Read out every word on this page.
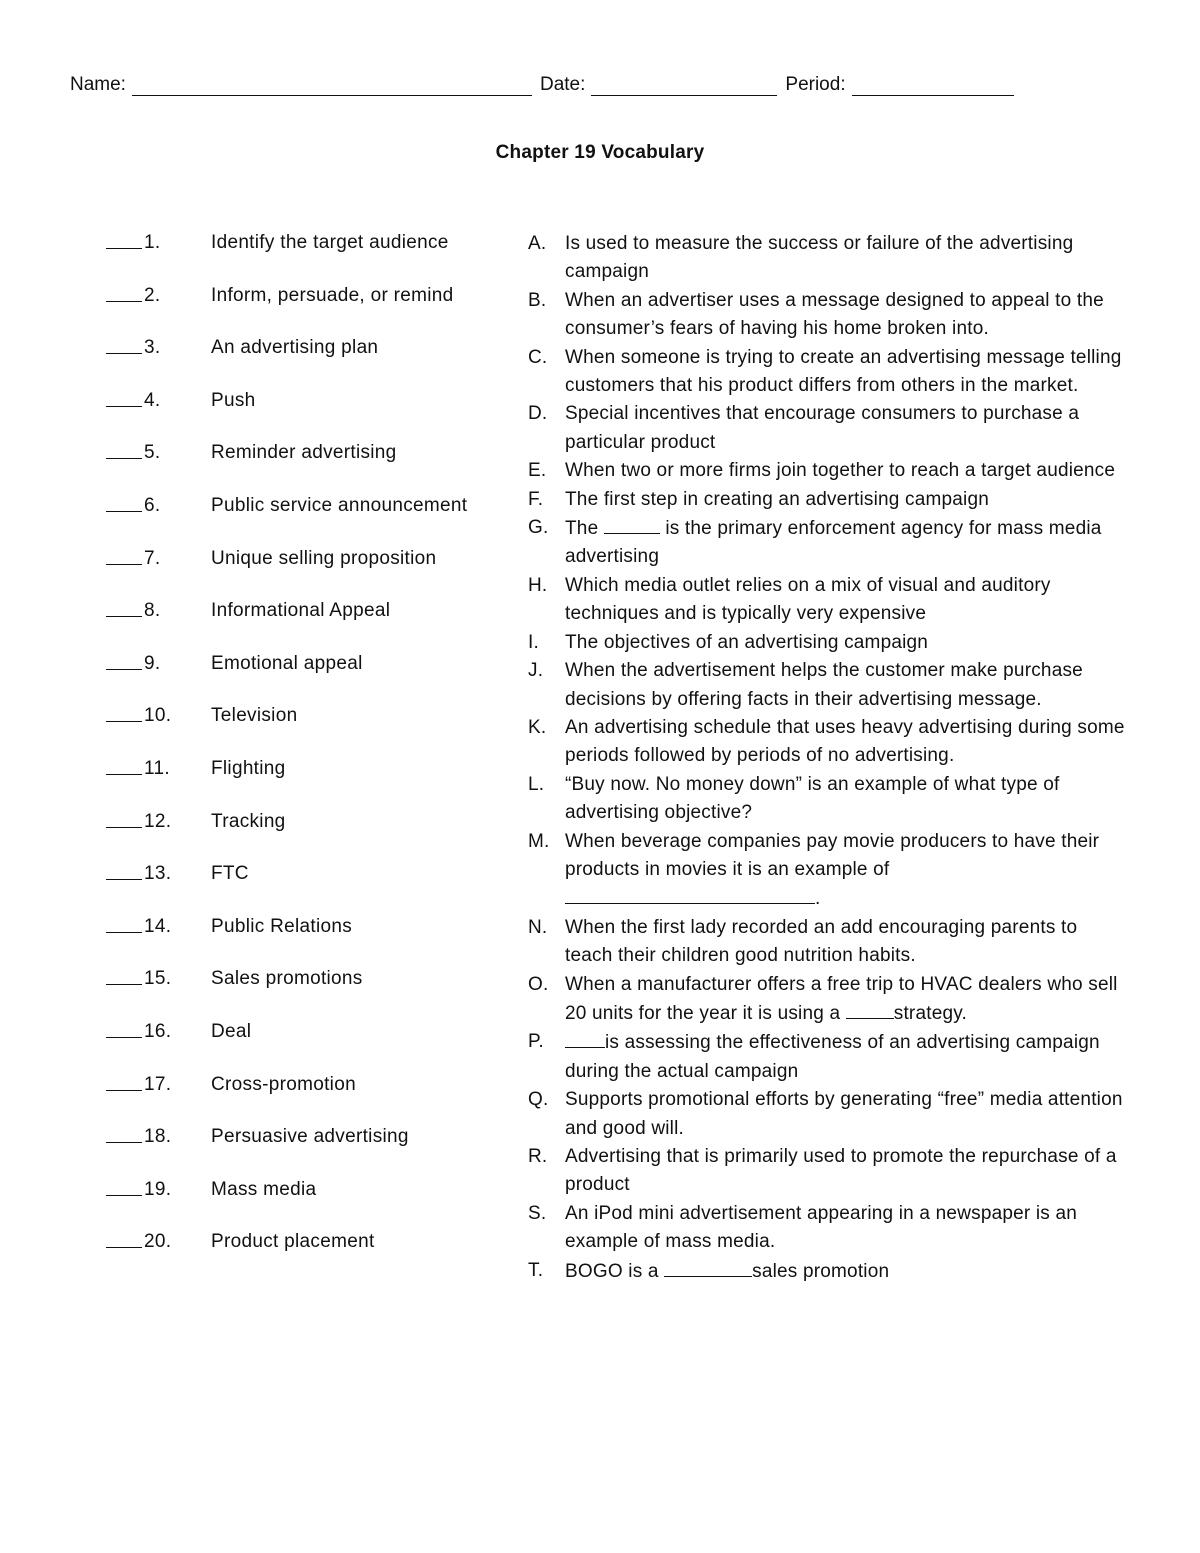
Name:	Date:	Period:
Chapter 19 Vocabulary
1.	Identify the target audience
2.	Inform, persuade, or remind
3.	An advertising plan
4.	Push
5.	Reminder advertising
6.	Public service announcement
7.	Unique selling proposition
8.	Informational Appeal
9.	Emotional appeal
10. Television
11. Flighting
12. Tracking
13. FTC
14. Public Relations
15. Sales promotions
16. Deal
17. Cross-promotion
18. Persuasive advertising
19. Mass media
20. Product placement
A. Is used to measure the success or failure of the advertising campaign
B. When an advertiser uses a message designed to appeal to the consumer’s fears of having his home broken into.
C. When someone is trying to create an advertising message telling customers that his product differs from others in the market.
D. Special incentives that encourage consumers to purchase a particular product
E. When two or more firms join together to reach a target audience
F. The first step in creating an advertising campaign
G. The	is the primary enforcement agency for mass media advertising
H. Which media outlet relies on a mix of visual and auditory techniques and is typically very expensive
I. The objectives of an advertising campaign
J. When the advertisement helps the customer make purchase decisions by offering facts in their advertising message.
K. An advertising schedule that uses heavy advertising during some periods followed by periods of no advertising.
L. “Buy now. No money down” is an example of what type of advertising objective?
M. When beverage companies pay movie producers to have their products in movies it is an example of .
N. When the first lady recorded an add encouraging parents to teach their children good nutrition habits.
O. When a manufacturer offers a free trip to HVAC dealers who sell 20 units for the year it is using a	strategy.
P.	is assessing the effectiveness of an advertising campaign during the actual campaign
Q. Supports promotional efforts by generating “free” media attention and good will.
R. Advertising that is primarily used to promote the repurchase of a product
S. An iPod mini advertisement appearing in a newspaper is an example of mass media.
T. BOGO is a	sales promotion
